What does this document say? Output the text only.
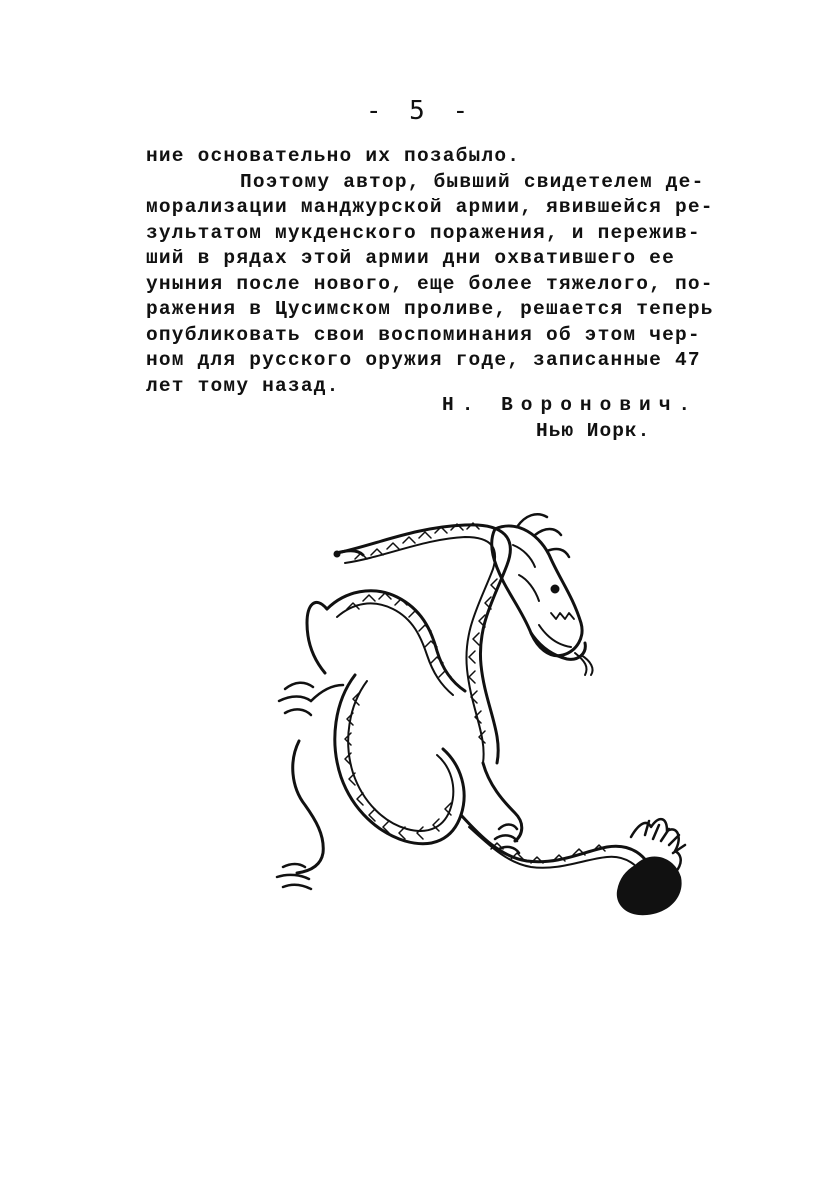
- 5 -
ние основательно их позабыло.
Поэтому автор, бывший свидетелем де-
морализации манджурской армии, явившейся ре-
зультатом мукденского поражения, и пережив-
ший в рядах этой армии дни охватившего ее
уныния после нового, еще более тяжелого, по-
ражения в Цусимском проливе, решается теперь
опубликовать свои воспоминания об этом чер-
ном для русского оружия годе, записанные 47
лет тому назад.
Н. Воронович.
Нью Иорк.
